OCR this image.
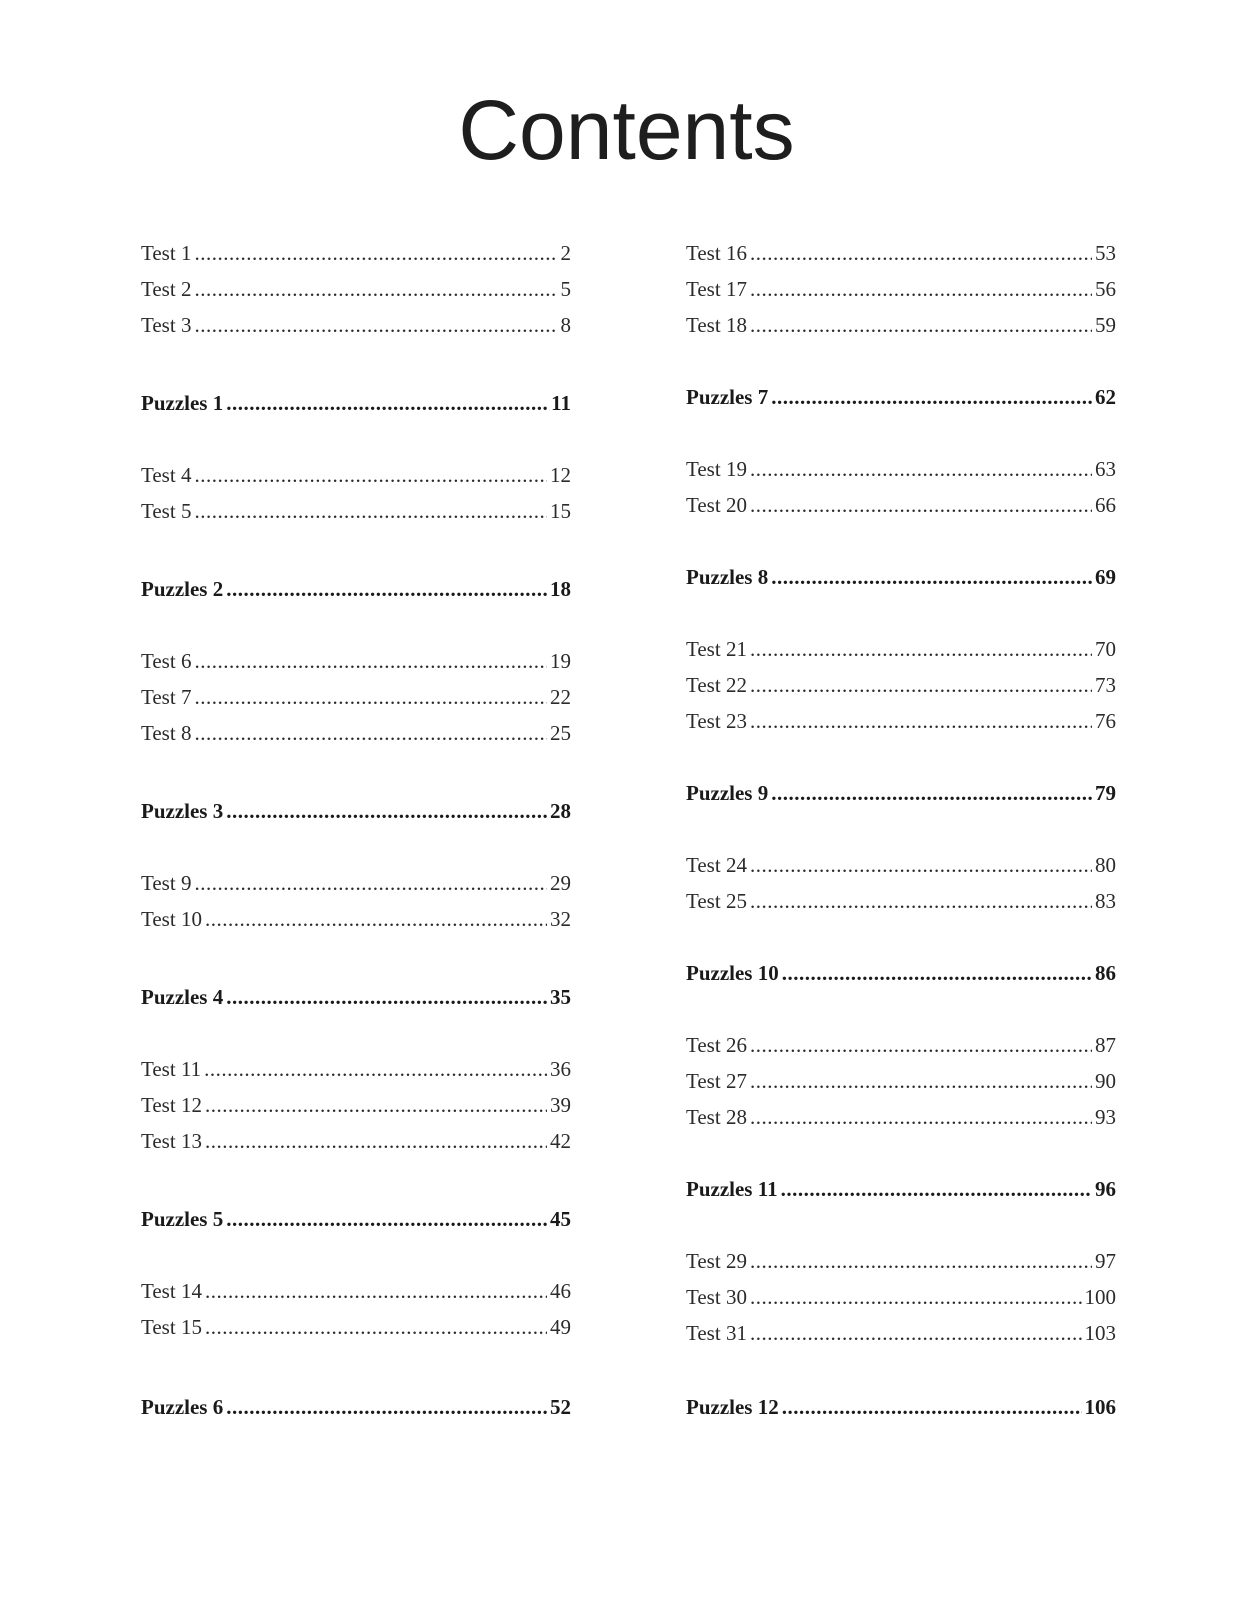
Contents
Test 1 .....	2
Test 2 .....	5
Test 3 .....	8
Puzzles 1 .....	11
Test 4 .....	12
Test 5 .....	15
Puzzles 2 .....	18
Test 6 .....	19
Test 7 .....	22
Test 8 .....	25
Puzzles 3 .....	28
Test 9 .....	29
Test 10 .....	32
Puzzles 4 .....	35
Test 11 .....	36
Test 12 .....	39
Test 13 .....	42
Puzzles 5 .....	45
Test 14 .....	46
Test 15 .....	49
Puzzles 6 .....	52
Test 16 .....	53
Test 17 .....	56
Test 18 .....	59
Puzzles 7 .....	62
Test 19 .....	63
Test 20 .....	66
Puzzles 8 .....	69
Test 21 .....	70
Test 22 .....	73
Test 23 .....	76
Puzzles 9 .....	79
Test 24 .....	80
Test 25 .....	83
Puzzles 10 .....	86
Test 26 .....	87
Test 27 .....	90
Test 28 .....	93
Puzzles 11 .....	96
Test 29 .....	97
Test 30 .....	100
Test 31 .....	103
Puzzles 12 .....	106
